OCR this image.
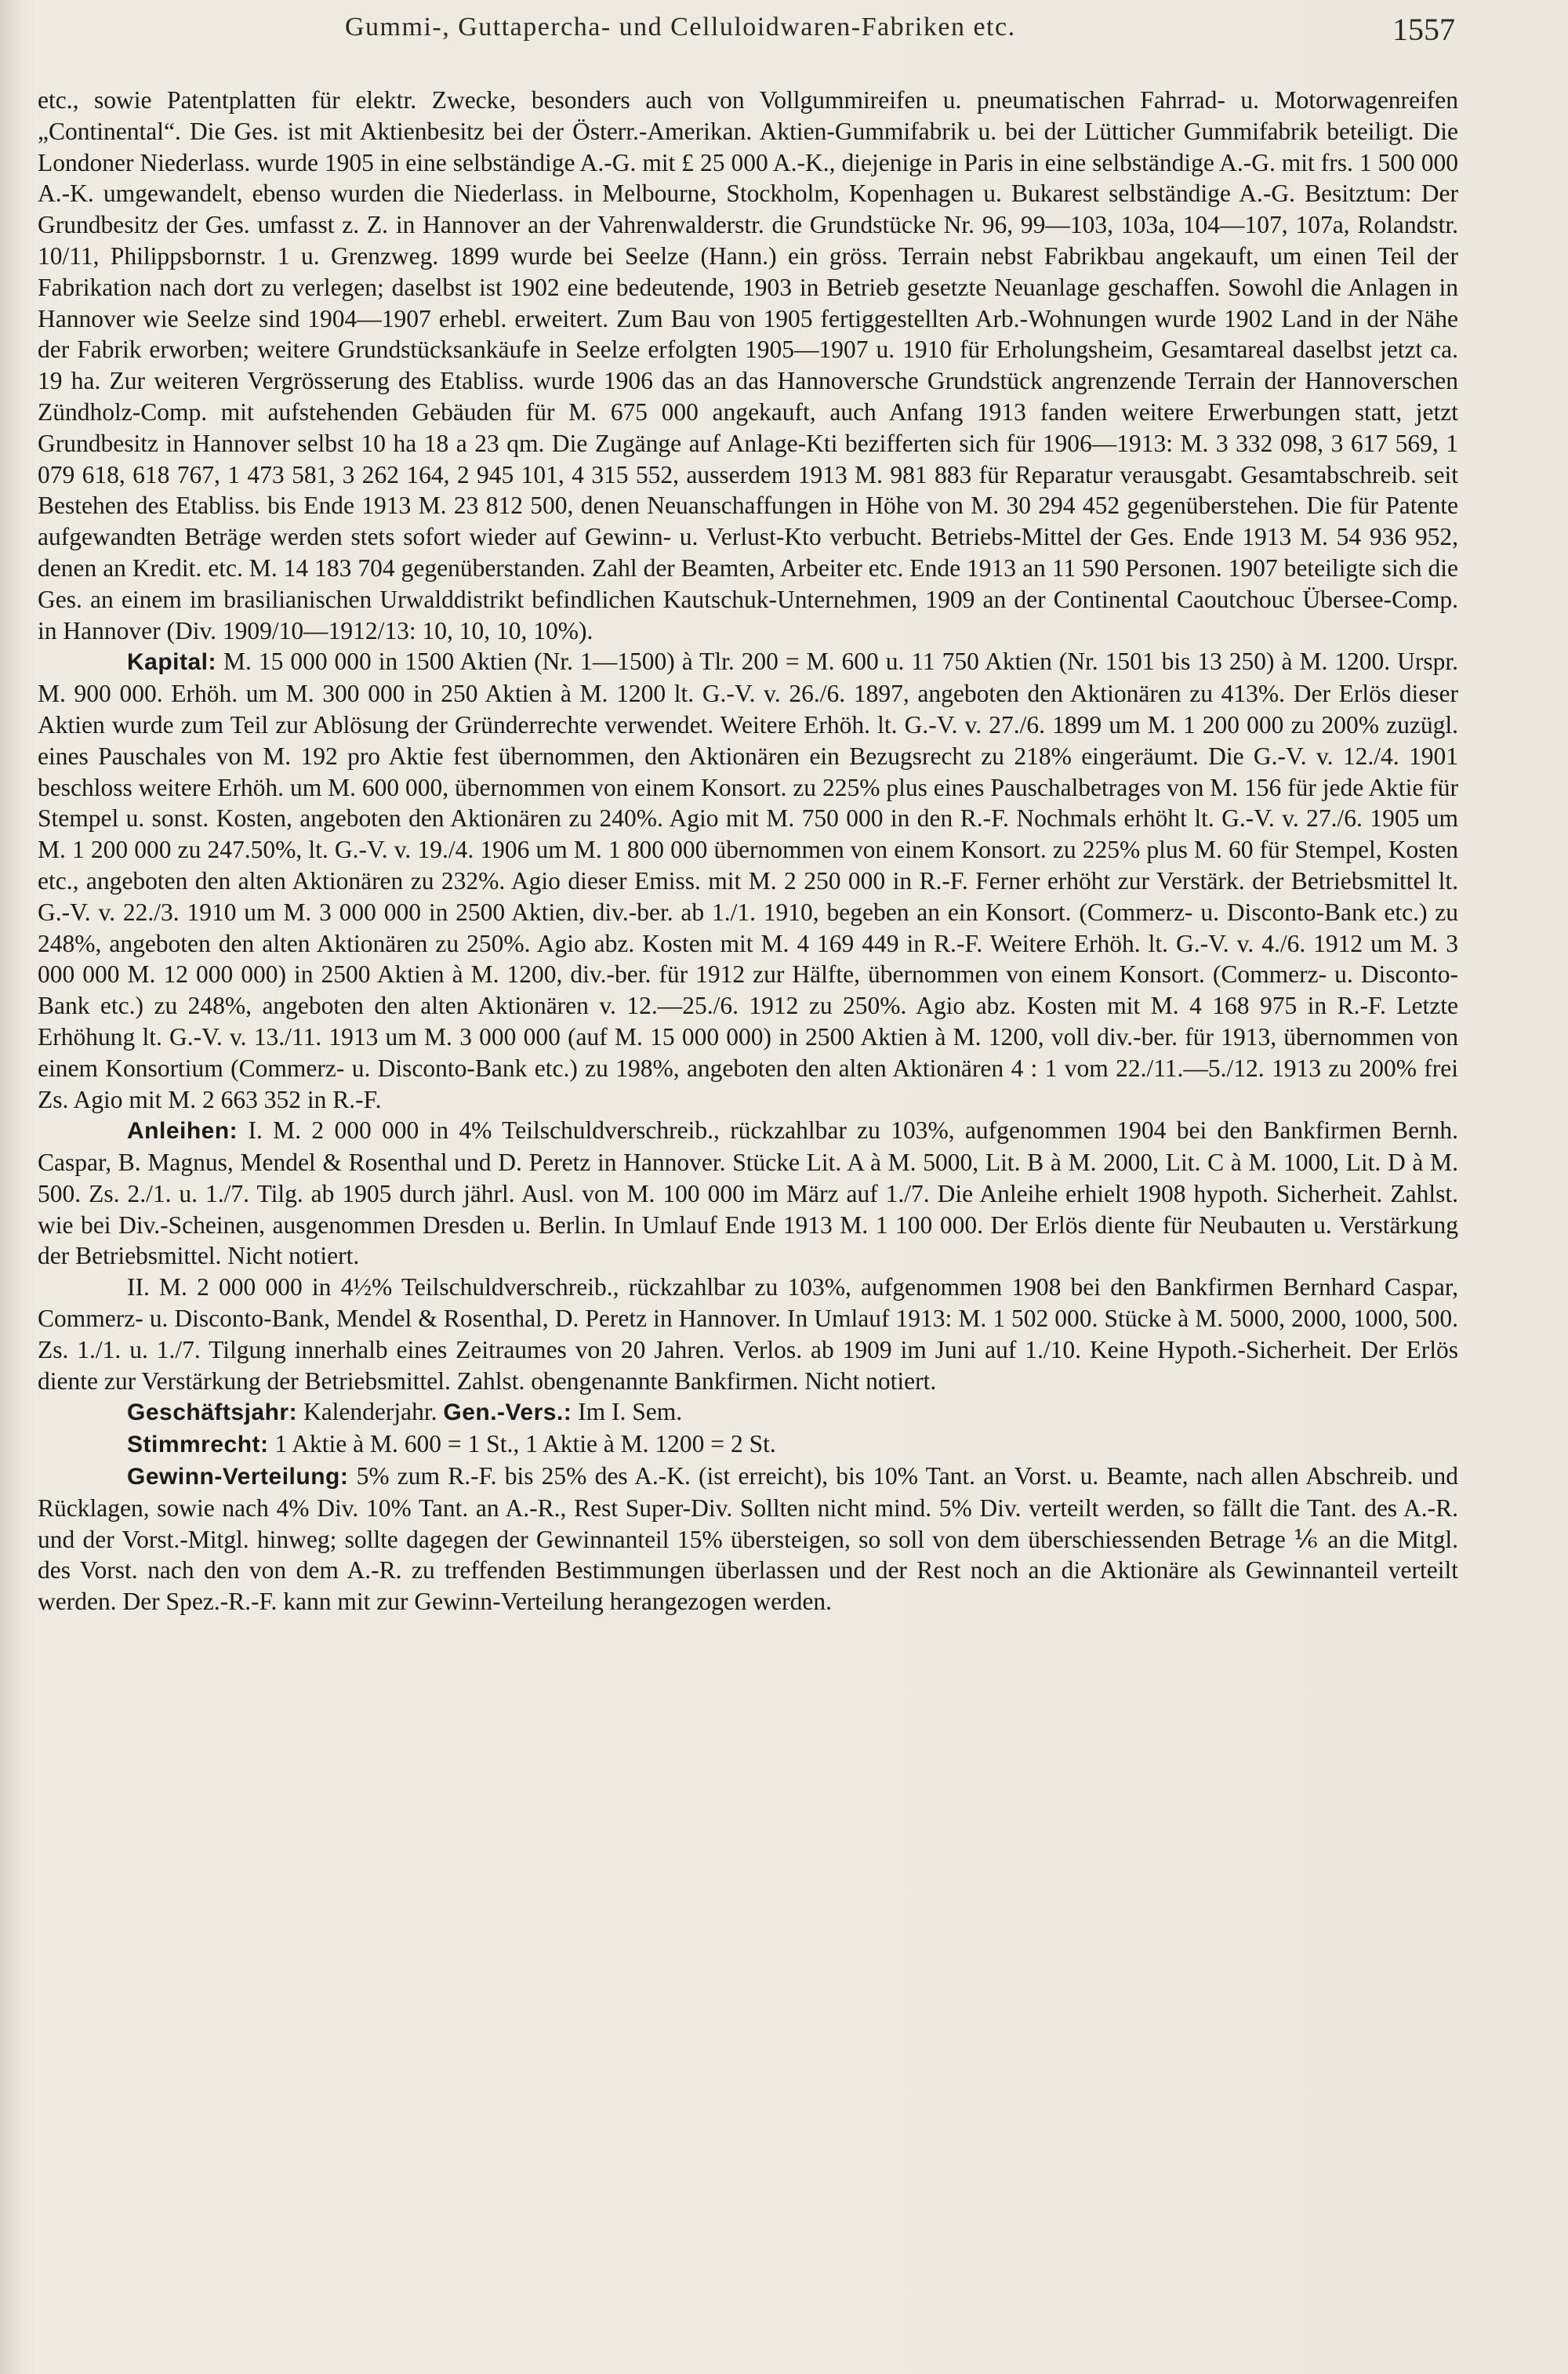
Gummi-, Guttapercha- und Celluloidwaren-Fabriken etc.	1557

etc., sowie Patentplatten für elektr. Zwecke, besonders auch von Vollgummireifen u. pneumatischen Fahrrad- u. Motorwagenreifen „Continental“. Die Ges. ist mit Aktienbesitz bei der Österr.-Amerikan. Aktien-Gummifabrik u. bei der Lütticher Gummifabrik beteiligt. Die Londoner Niederlass. wurde 1905 in eine selbständige A.-G. mit £ 25 000 A.-K., diejenige in Paris in eine selbständige A.-G. mit frs. 1 500 000 A.-K. umgewandelt, ebenso wurden die Niederlass. in Melbourne, Stockholm, Kopenhagen u. Bukarest selbständige A.-G. Besitztum: Der Grundbesitz der Ges. umfasst z. Z. in Hannover an der Vahrenwalderstr. die Grundstücke Nr. 96, 99—103, 103a, 104—107, 107a, Rolandstr. 10/11, Philippsbornstr. 1 u. Grenzweg. 1899 wurde bei Seelze (Hann.) ein gröss. Terrain nebst Fabrikbau angekauft, um einen Teil der Fabrikation nach dort zu verlegen; daselbst ist 1902 eine bedeutende, 1903 in Betrieb gesetzte Neuanlage geschaffen. Sowohl die Anlagen in Hannover wie Seelze sind 1904—1907 erhebl. erweitert. Zum Bau von 1905 fertiggestellten Arb.-Wohnungen wurde 1902 Land in der Nähe der Fabrik erworben; weitere Grundstücksankäufe in Seelze erfolgten 1905—1907 u. 1910 für Erholungsheim, Gesamtareal daselbst jetzt ca. 19 ha. Zur weiteren Vergrösserung des Etabliss. wurde 1906 das an das Hannoversche Grundstück angrenzende Terrain der Hannoverschen Zündholz-Comp. mit aufstehenden Gebäuden für M. 675 000 angekauft, auch Anfang 1913 fanden weitere Erwerbungen statt, jetzt Grundbesitz in Hannover selbst 10 ha 18 a 23 qm. Die Zugänge auf Anlage-Kti bezifferten sich für 1906—1913: M. 3 332 098, 3 617 569, 1 079 618, 618 767, 1 473 581, 3 262 164, 2 945 101, 4 315 552, ausserdem 1913 M. 981 883 für Reparatur verausgabt. Gesamtabschreib. seit Bestehen des Etabliss. bis Ende 1913 M. 23 812 500, denen Neuanschaffungen in Höhe von M. 30 294 452 gegenüberstehen. Die für Patente aufgewandten Beträge werden stets sofort wieder auf Gewinn- u. Verlust-Kto verbucht. Betriebs-Mittel der Ges. Ende 1913 M. 54 936 952, denen an Kredit. etc. M. 14 183 704 gegenüberstanden. Zahl der Beamten, Arbeiter etc. Ende 1913 an 11 590 Personen. 1907 beteiligte sich die Ges. an einem im brasilianischen Urwalddistrikt befindlichen Kautschuk-Unternehmen, 1909 an der Continental Caoutchouc Übersee-Comp. in Hannover (Div. 1909/10—1912/13: 10, 10, 10, 10%).

Kapital: M. 15 000 000 in 1500 Aktien (Nr. 1—1500) à Tlr. 200 = M. 600 u. 11 750 Aktien (Nr. 1501 bis 13 250) à M. 1200. Urspr. M. 900 000. Erhöh. um M. 300 000 in 250 Aktien à M. 1200 lt. G.-V. v. 26./6. 1897, angeboten den Aktionären zu 413%. Der Erlös dieser Aktien wurde zum Teil zur Ablösung der Gründerrechte verwendet. Weitere Erhöh. lt. G.-V. v. 27./6. 1899 um M. 1 200 000 zu 200% zuzügl. eines Pauschales von M. 192 pro Aktie fest übernommen, den Aktionären ein Bezugsrecht zu 218% eingeräumt. Die G.-V. v. 12./4. 1901 beschloss weitere Erhöh. um M. 600 000, übernommen von einem Konsort. zu 225% plus eines Pauschalbetrages von M. 156 für jede Aktie für Stempel u. sonst. Kosten, angeboten den Aktionären zu 240%. Agio mit M. 750 000 in den R.-F. Nochmals erhöht lt. G.-V. v. 27./6. 1905 um M. 1 200 000 zu 247.50%, lt. G.-V. v. 19./4. 1906 um M. 1 800 000 übernommen von einem Konsort. zu 225% plus M. 60 für Stempel, Kosten etc., angeboten den alten Aktionären zu 232%. Agio dieser Emiss. mit M. 2 250 000 in R.-F. Ferner erhöht zur Verstärk. der Betriebsmittel lt. G.-V. v. 22./3. 1910 um M. 3 000 000 in 2500 Aktien, div.-ber. ab 1./1. 1910, begeben an ein Konsort. (Commerz- u. Disconto-Bank etc.) zu 248%, angeboten den alten Aktionären zu 250%. Agio abz. Kosten mit M. 4 169 449 in R.-F. Weitere Erhöh. lt. G.-V. v. 4./6. 1912 um M. 3 000 000 M. 12 000 000) in 2500 Aktien à M. 1200, div.-ber. für 1912 zur Hälfte, übernommen von einem Konsort. (Commerz- u. Disconto-Bank etc.) zu 248%, angeboten den alten Aktionären v. 12.—25./6. 1912 zu 250%. Agio abz. Kosten mit M. 4 168 975 in R.-F. Letzte Erhöhung lt. G.-V. v. 13./11. 1913 um M. 3 000 000 (auf M. 15 000 000) in 2500 Aktien à M. 1200, voll div.-ber. für 1913, übernommen von einem Konsortium (Commerz- u. Disconto-Bank etc.) zu 198%, angeboten den alten Aktionären 4 : 1 vom 22./11.—5./12. 1913 zu 200% frei Zs. Agio mit M. 2 663 352 in R.-F.

Anleihen: I. M. 2 000 000 in 4% Teilschuldverschreib., rückzahlbar zu 103%, aufgenommen 1904 bei den Bankfirmen Bernh. Caspar, B. Magnus, Mendel & Rosenthal und D. Peretz in Hannover. Stücke Lit. A à M. 5000, Lit. B à M. 2000, Lit. C à M. 1000, Lit. D à M. 500. Zs. 2./1. u. 1./7. Tilg. ab 1905 durch jährl. Ausl. von M. 100 000 im März auf 1./7. Die Anleihe erhielt 1908 hypoth. Sicherheit. Zahlst. wie bei Div.-Scheinen, ausgenommen Dresden u. Berlin. In Umlauf Ende 1913 M. 1 100 000. Der Erlös diente für Neubauten u. Verstärkung der Betriebsmittel. Nicht notiert.

II. M. 2 000 000 in 4½% Teilschuldverschreib., rückzahlbar zu 103%, aufgenommen 1908 bei den Bankfirmen Bernhard Caspar, Commerz- u. Disconto-Bank, Mendel & Rosenthal, D. Peretz in Hannover. In Umlauf 1913: M. 1 502 000. Stücke à M. 5000, 2000, 1000, 500. Zs. 1./1. u. 1./7. Tilgung innerhalb eines Zeitraumes von 20 Jahren. Verlos. ab 1909 im Juni auf 1./10. Keine Hypoth.-Sicherheit. Der Erlös diente zur Verstärkung der Betriebsmittel. Zahlst. obengenannte Bankfirmen. Nicht notiert.

Geschäftsjahr: Kalenderjahr. Gen.-Vers.: Im I. Sem.

Stimmrecht: 1 Aktie à M. 600 = 1 St., 1 Aktie à M. 1200 = 2 St.

Gewinn-Verteilung: 5% zum R.-F. bis 25% des A.-K. (ist erreicht), bis 10% Tant. an Vorst. u. Beamte, nach allen Abschreib. und Rücklagen, sowie nach 4% Div. 10% Tant. an A.-R., Rest Super-Div. Sollten nicht mind. 5% Div. verteilt werden, so fällt die Tant. des A.-R. und der Vorst.-Mitgl. hinweg; sollte dagegen der Gewinnanteil 15% übersteigen, so soll von dem überschiessenden Betrage ⅙ an die Mitgl. des Vorst. nach den von dem A.-R. zu treffenden Bestimmungen überlassen und der Rest noch an die Aktionäre als Gewinnanteil verteilt werden. Der Spez.-R.-F. kann mit zur Gewinn-Verteilung herangezogen werden.
